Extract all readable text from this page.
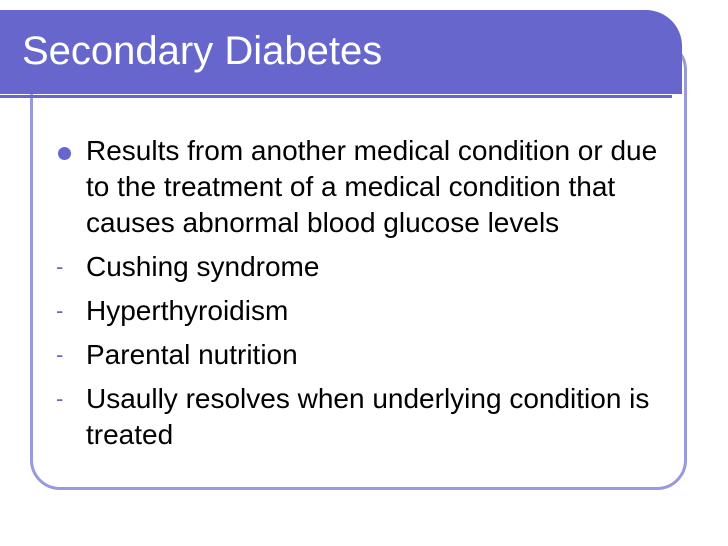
Secondary Diabetes

Results from another medical condition or due to the treatment of a medical condition that causes abnormal blood glucose levels

- Cushing syndrome

- Hyperthyroidism

- Parental nutrition

- Usaully resolves when underlying condition is treated
